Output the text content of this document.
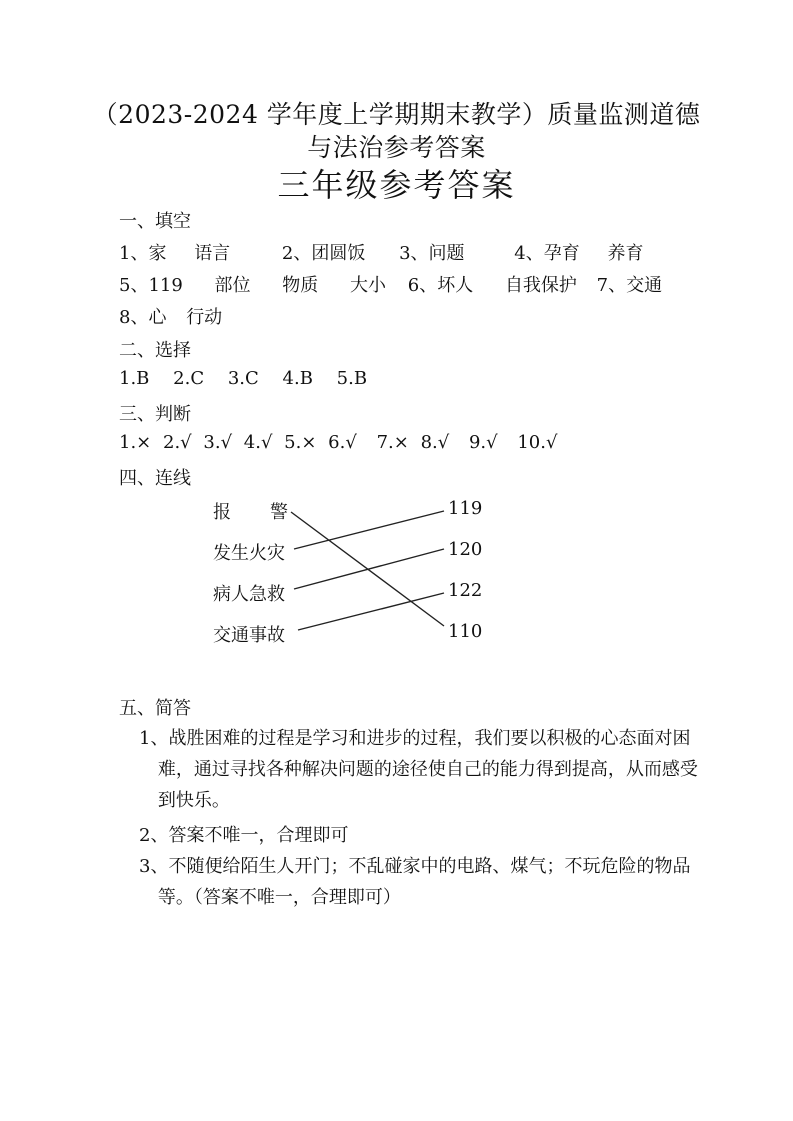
（2023-2024 学年度上学期期末教学）质量监测道德
与法治参考答案
三年级参考答案
一、填空
1、家 语言	2、团圆饭 3、问题	4、孕育 养育
5、119 部位 物质 大小 6、坏人 自我保护 7、交通
8、心 行动
二、选择
1.B 2.C 3.C 4.B 5.B
三、判断
1.× 2.√ 3.√ 4.√ 5.× 6.√ 7.× 8.√ 9.√ 10.√
四、连线
报 警
发生火灾
病人急救
交通事故
119
120
122
110
五、简答
1、战胜困难的过程是学习和进步的过程，我们要以积极的心态面对困难，通过寻找各种解决问题的途径使自己的能力得到提高，从而感受到快乐。
2、答案不唯一，合理即可
3、不随便给陌生人开门；不乱碰家中的电路、煤气；不玩危险的物品等。（答案不唯一，合理即可）
